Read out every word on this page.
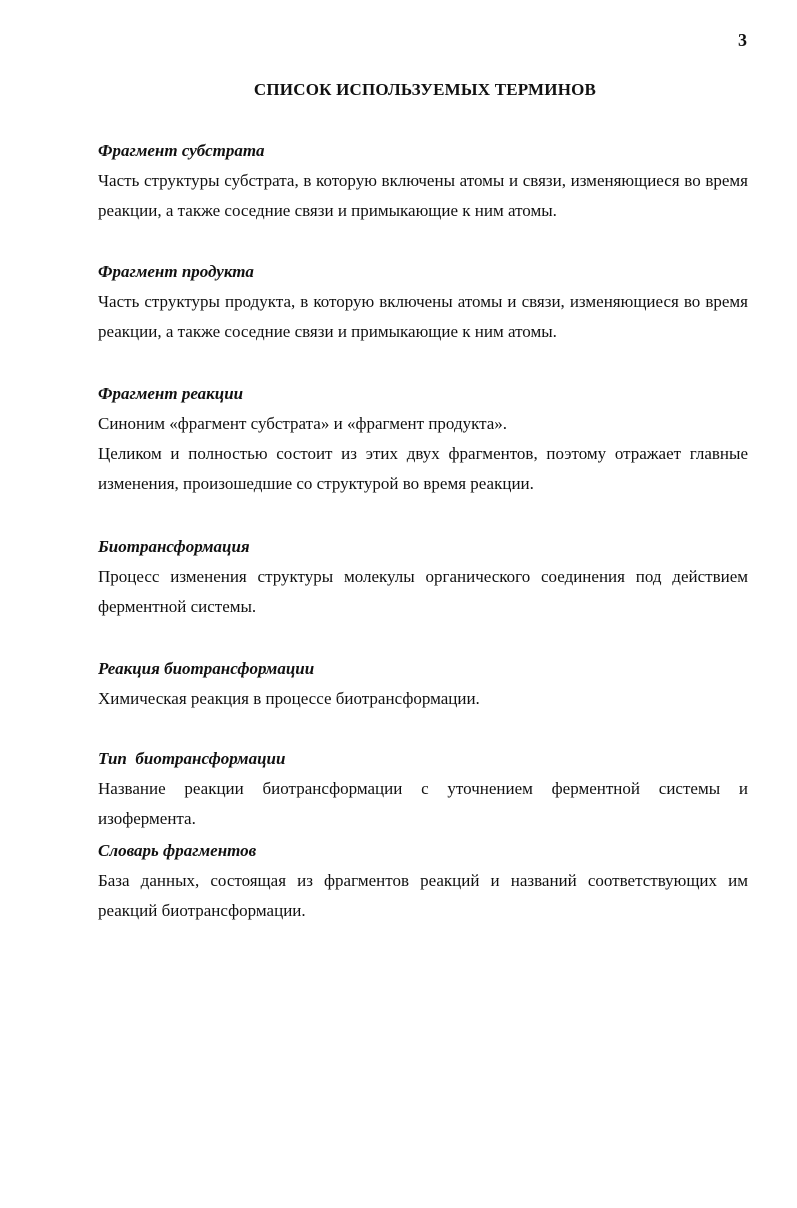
3
СПИСОК ИСПОЛЬЗУЕМЫХ ТЕРМИНОВ
Фрагмент субстрата

Часть структуры субстрата, в которую включены атомы и связи, изменяющиеся во время реакции, а также соседние связи и примыкающие к ним атомы.

Фрагмент продукта

Часть структуры продукта, в которую включены атомы и связи, изменяющиеся во время реакции, а также соседние связи и примыкающие к ним атомы.

Фрагмент реакции

Синоним «фрагмент субстрата» и «фрагмент продукта».

Целиком и полностью состоит из этих двух фрагментов, поэтому отражает главные изменения, произошедшие со структурой во время реакции.

Биотрансформация

Процесс изменения структуры молекулы органического соединения под действием ферментной системы.

Реакция биотрансформации

Химическая реакция в процессе биотрансформации.

Тип  биотрансформации

Название реакции биотрансформации с уточнением ферментной системы и изофермента.

Словарь фрагментов

База данных, состоящая из фрагментов реакций и названий соответствующих им реакций биотрансформации.
